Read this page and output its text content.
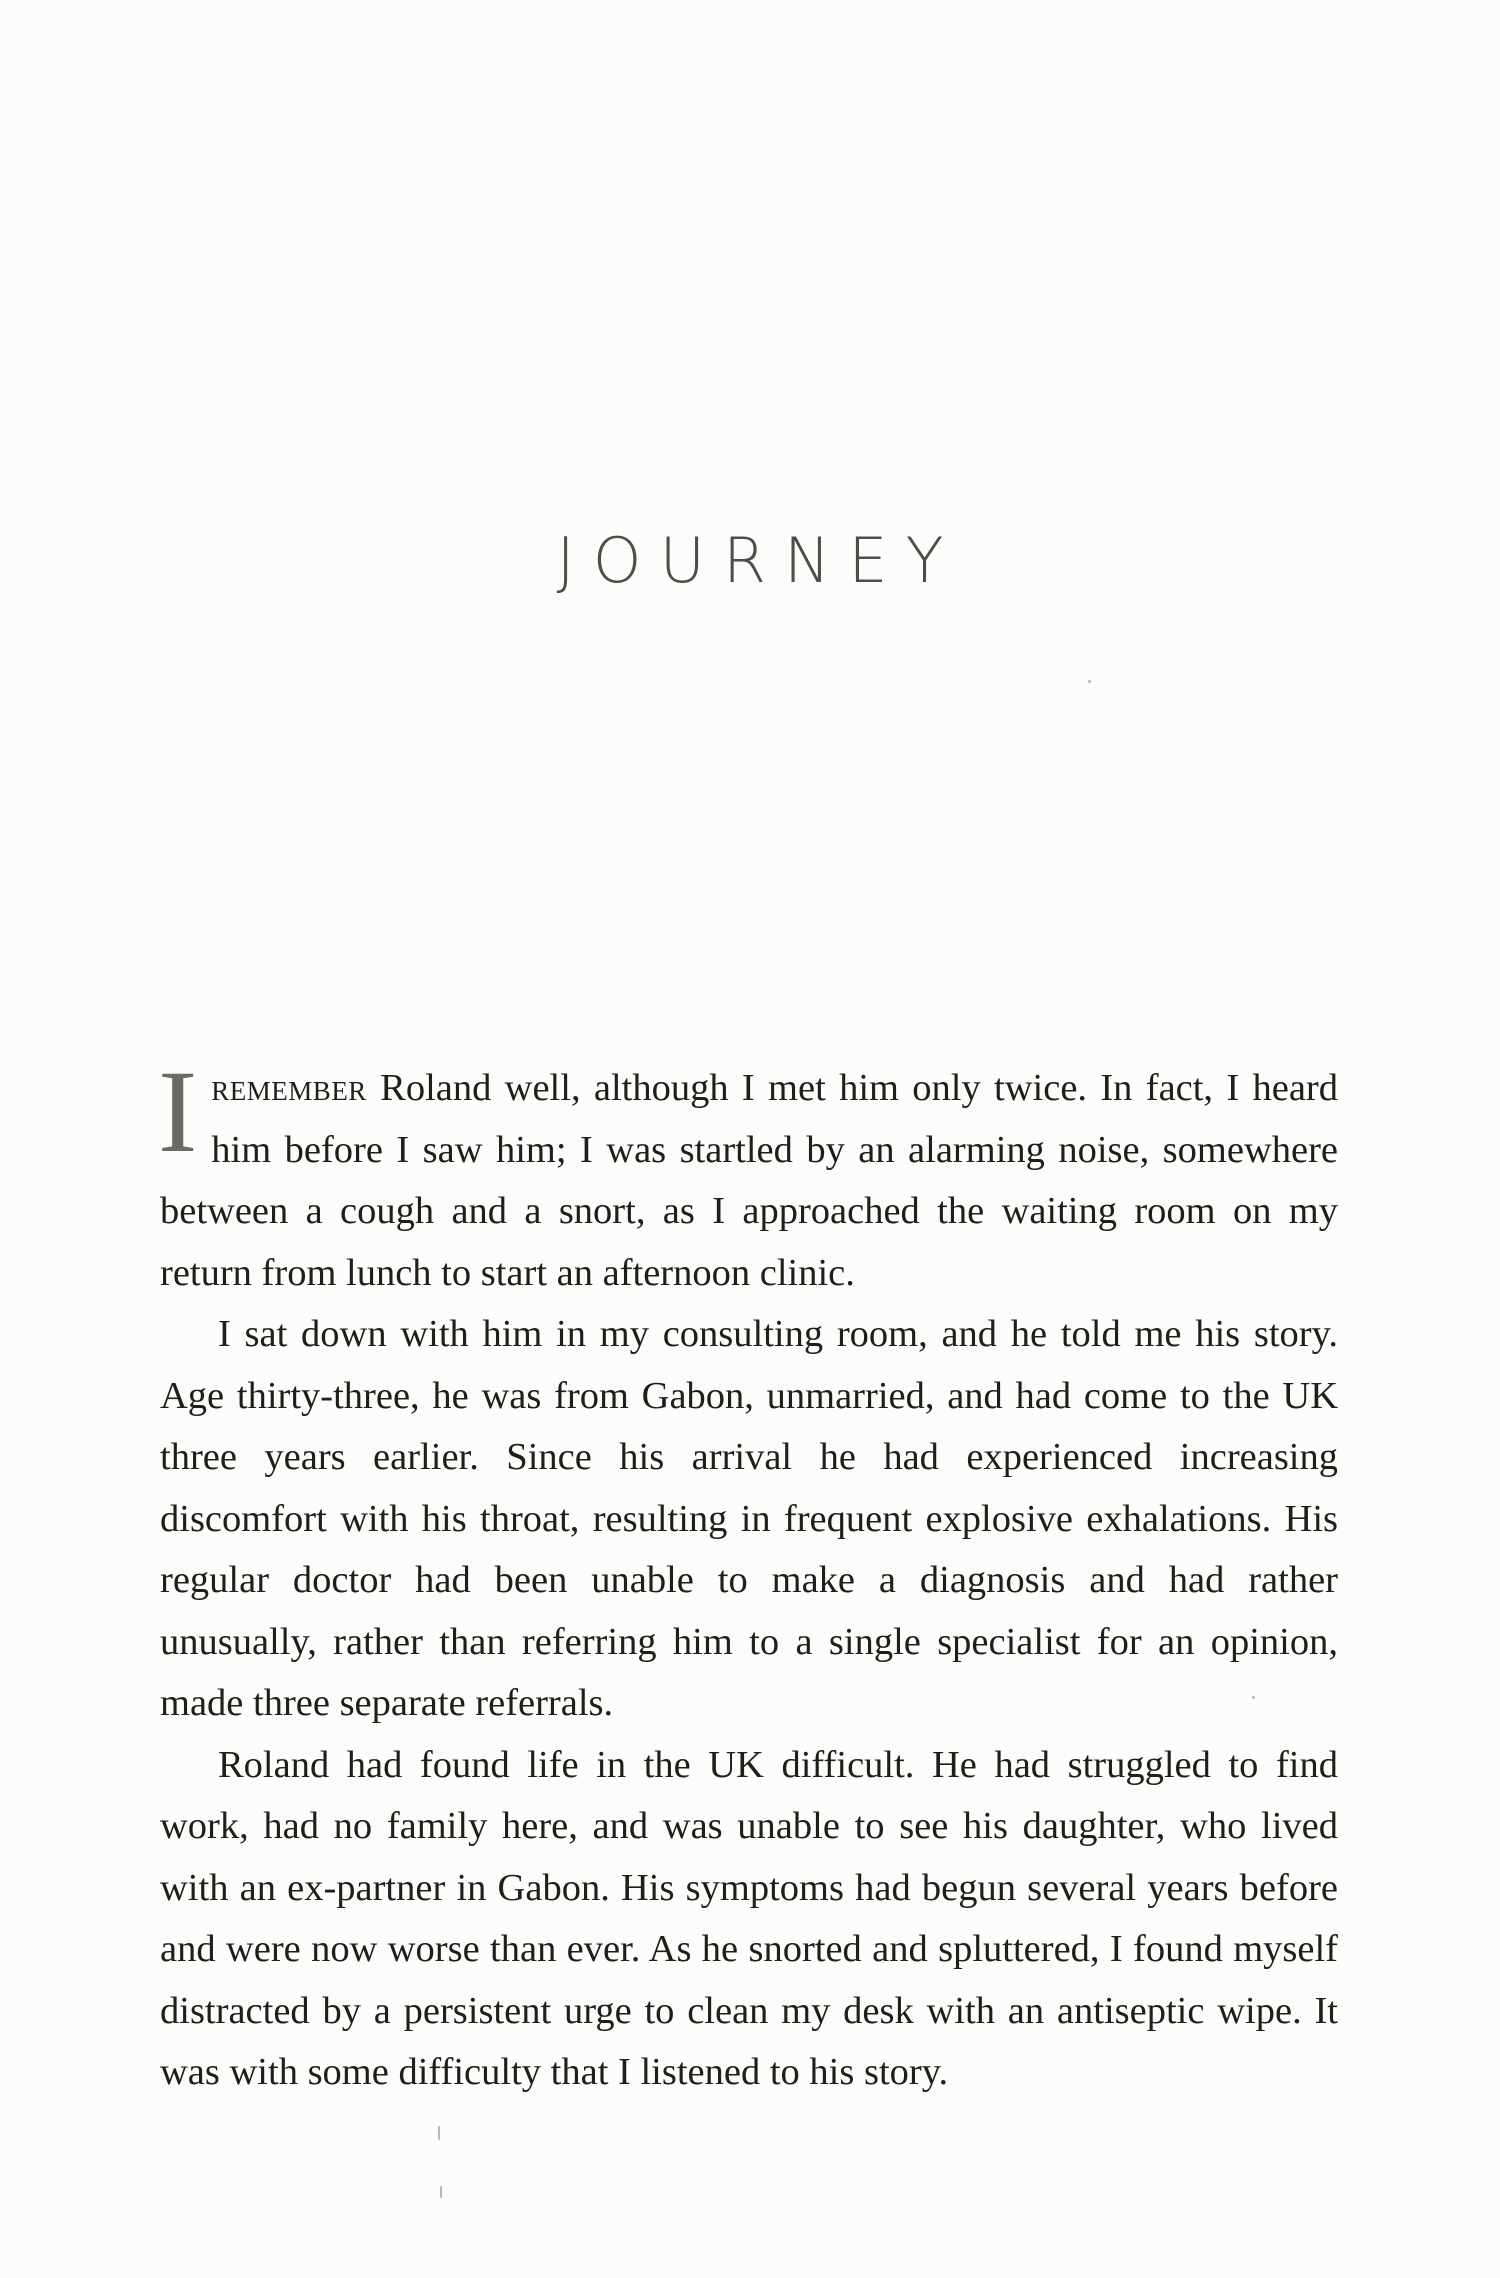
JOURNEY

Iremember Roland well, although I met him only twice. In fact, I heard him before I saw him; I was startled by an alarming noise, somewhere between a cough and a snort, as I approached the waiting room on my return from lunch to start an afternoon clinic.

I sat down with him in my consulting room, and he told me his story. Age thirty-three, he was from Gabon, unmarried, and had come to the UK three years earlier. Since his arrival he had experienced increasing discomfort with his throat, resulting in frequent explosive exhalations. His regular doctor had been unable to make a diagnosis and had rather unusually, rather than referring him to a single specialist for an opinion, made three separate referrals.

Roland had found life in the UK difficult. He had struggled to find work, had no family here, and was unable to see his daughter, who lived with an ex-partner in Gabon. His symptoms had begun several years before and were now worse than ever. As he snorted and spluttered, I found myself distracted by a persistent urge to clean my desk with an antiseptic wipe. It was with some difficulty that I listened to his story.
